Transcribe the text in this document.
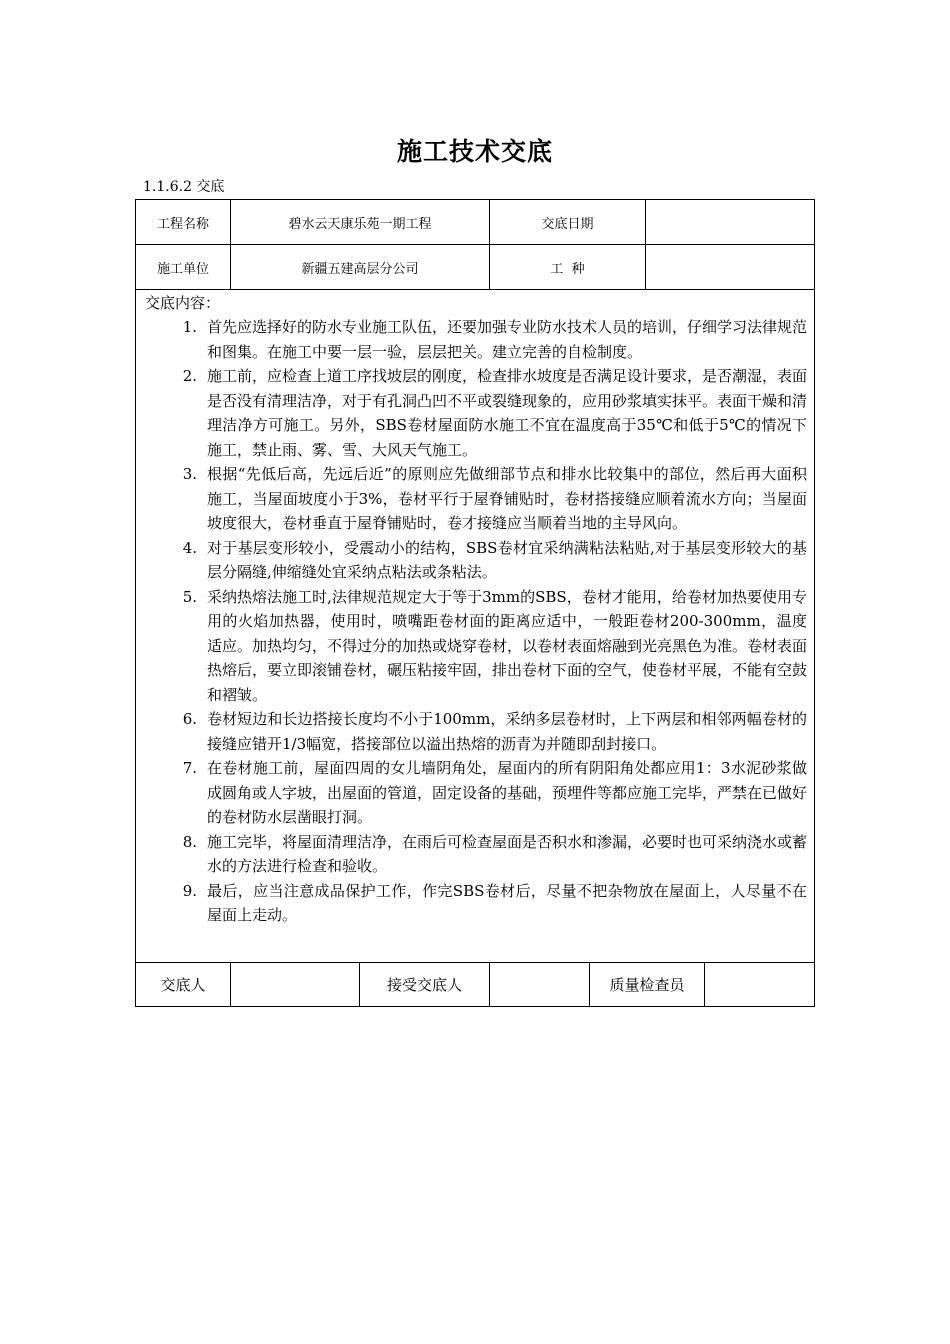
施工技术交底
1.1.6.2 交底
工程名称	碧水云天康乐苑一期工程	交底日期
施工单位	新疆五建高层分公司	工  种
交底内容：
1. 首先应选择好的防水专业施工队伍，还要加强专业防水技术人员的培训，仔细学习法律规范和图集。在施工中要一层一验，层层把关。建立完善的自检制度。
2. 施工前，应检查上道工序找坡层的刚度，检查排水坡度是否满足设计要求，是否潮湿，表面是否没有清理洁净，对于有孔洞凸凹不平或裂缝现象的，应用砂浆填实抹平。表面干燥和清理洁净方可施工。另外，SBS卷材屋面防水施工不宜在温度高于35℃和低于5℃的情况下施工，禁止雨、雾、雪、大风天气施工。
3. 根据“先低后高，先远后近”的原则应先做细部节点和排水比较集中的部位，然后再大面积施工，当屋面坡度小于3%，卷材平行于屋脊铺贴时，卷材搭接缝应顺着流水方向；当屋面坡度很大，卷材垂直于屋脊铺贴时，卷才接缝应当顺着当地的主导风向。
4. 对于基层变形较小，受震动小的结构，SBS卷材宜采纳满粘法粘贴,对于基层变形较大的基层分隔缝,伸缩缝处宜采纳点粘法或条粘法。
5. 采纳热熔法施工时,法律规范规定大于等于3mm的SBS，卷材才能用，给卷材加热要使用专用的火焰加热器，使用时，喷嘴距卷材面的距离应适中，一般距卷材200-300mm，温度适应。加热均匀，不得过分的加热或烧穿卷材，以卷材表面熔融到光亮黑色为准。卷材表面热熔后，要立即滚铺卷材，碾压粘接牢固，排出卷材下面的空气，使卷材平展，不能有空鼓和褶皱。
6. 卷材短边和长边搭接长度均不小于100mm，采纳多层卷材时，上下两层和相邻两幅卷材的接缝应错开1/3幅宽，搭接部位以溢出热熔的沥青为并随即刮封接口。
7. 在卷材施工前，屋面四周的女儿墙阴角处，屋面内的所有阴阳角处都应用1：3水泥砂浆做成圆角或人字坡，出屋面的管道，固定设备的基础，预埋件等都应施工完毕，严禁在已做好的卷材防水层凿眼打洞。
8. 施工完毕，将屋面清理洁净，在雨后可检查屋面是否积水和渗漏，必要时也可采纳浇水或蓄水的方法进行检查和验收。
9. 最后，应当注意成品保护工作，作完SBS卷材后，尽量不把杂物放在屋面上，人尽量不在屋面上走动。
交底人	接受交底人	质量检查员
